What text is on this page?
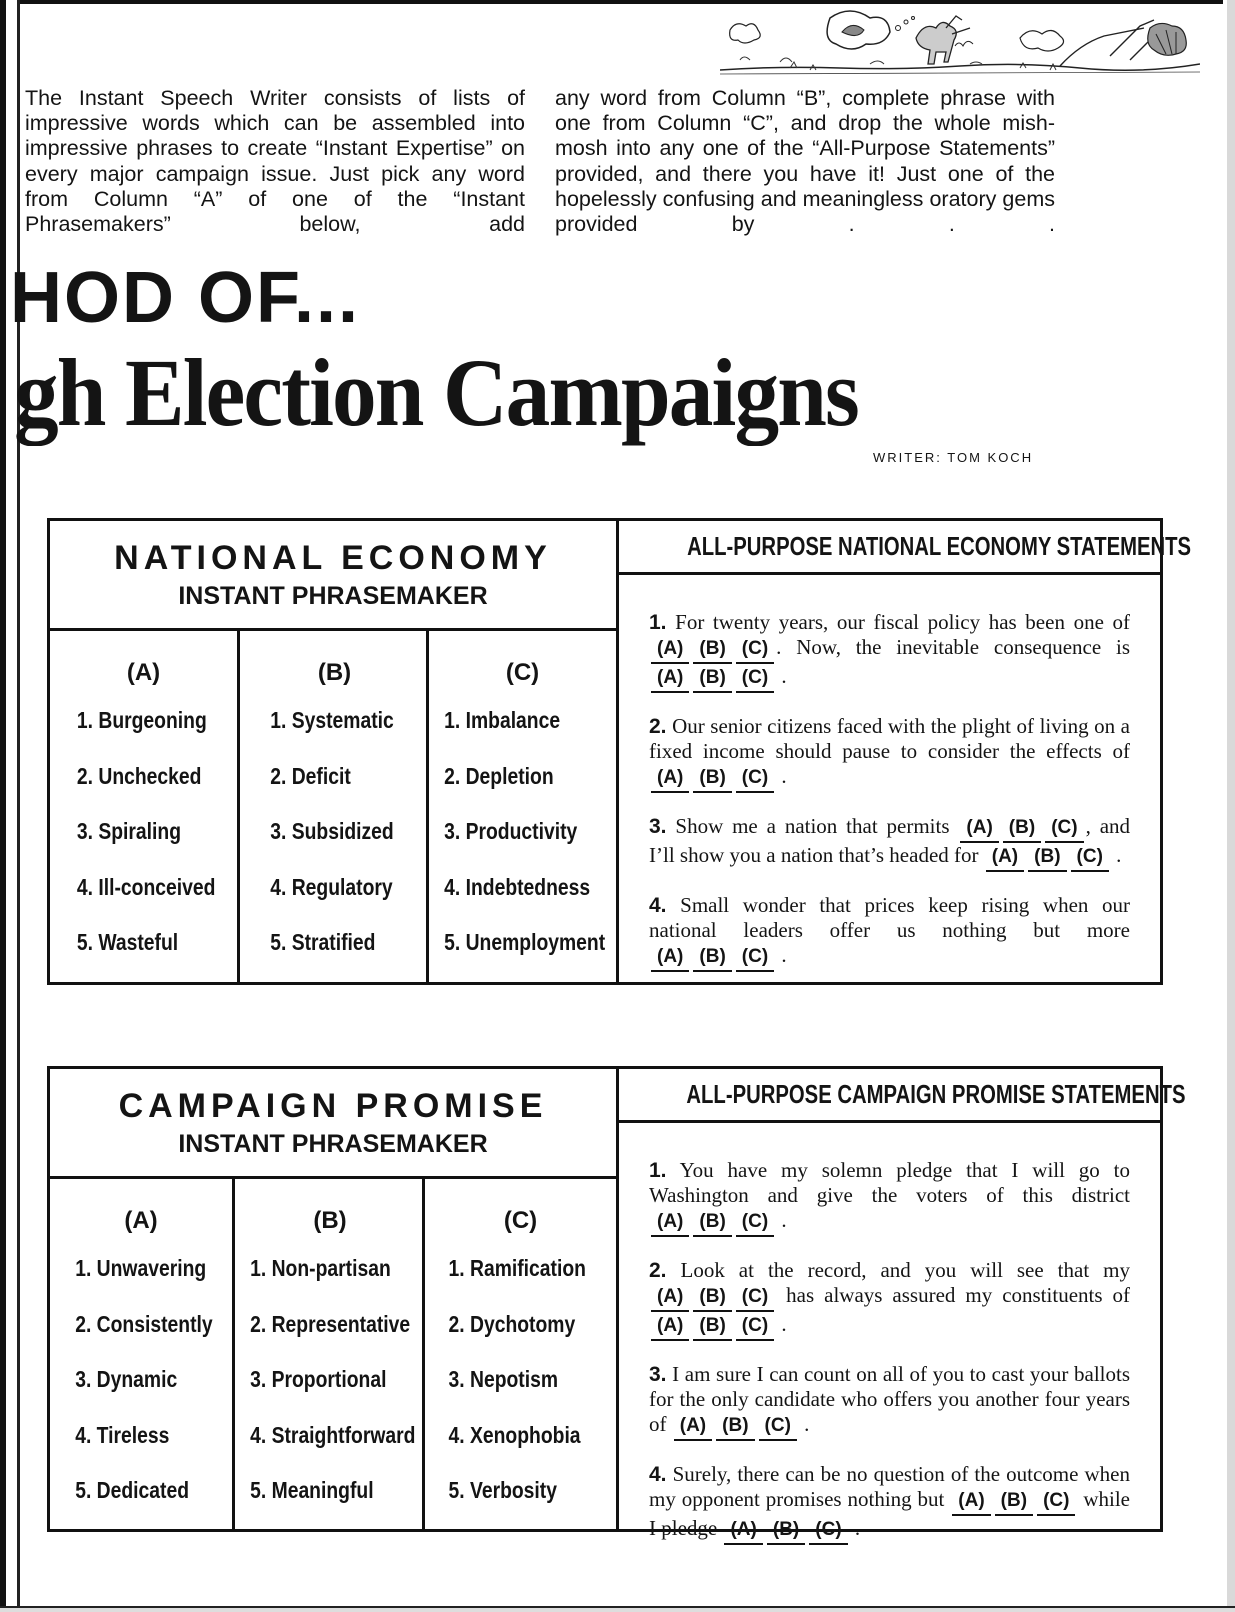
The Instant Speech Writer consists of lists of impressive words which can be assembled into impressive phrases to create “Instant Expertise” on every major campaign issue. Just pick any word from Column “A” of one of the “Instant Phrasemakers” below, add

any word from Column “B”, complete phrase with one from Column “C”, and drop the whole mish-mosh into any one of the “All-Purpose Statements” provided, and there you have it! Just one of the hopelessly confusing and meaningless oratory gems provided by . . .

HOD OF...
gh Election Campaigns
WRITER: TOM KOCH
NATIONAL ECONOMY
INSTANT PHRASEMAKER
(A)
1. Burgeoning
2. Unchecked
3. Spiraling
4. Ill-conceived
5. Wasteful
(B)
1. Systematic
2. Deficit
3. Subsidized
4. Regulatory
5. Stratified
(C)
1. Imbalance
2. Depletion
3. Productivity
4. Indebtedness
5. Unemployment
ALL-PURPOSE NATIONAL ECONOMY STATEMENTS

1. For twenty years, our fiscal policy has been one of (A) (B) (C) . Now, the inevitable consequence is (A) (B) (C) .

2. Our senior citizens faced with the plight of living on a fixed income should pause to consider the effects of (A) (B) (C) .

3. Show me a nation that permits (A) (B) (C) , and I’ll show you a nation that’s headed for (A) (B) (C) .

4. Small wonder that prices keep rising when our national leaders offer us nothing but more (A) (B) (C) .

CAMPAIGN PROMISE
INSTANT PHRASEMAKER
(A)
1. Unwavering
2. Consistently
3. Dynamic
4. Tireless
5. Dedicated
(B)
1. Non-partisan
2. Representative
3. Proportional
4. Straightforward
5. Meaningful
(C)
1. Ramification
2. Dychotomy
3. Nepotism
4. Xenophobia
5. Verbosity
ALL-PURPOSE CAMPAIGN PROMISE STATEMENTS

1. You have my solemn pledge that I will go to Washington and give the voters of this district (A) (B) (C) .

2. Look at the record, and you will see that my (A) (B) (C) has always assured my constituents of (A) (B) (C) .

3. I am sure I can count on all of you to cast your ballots for the only candidate who offers you another four years of (A) (B) (C) .

4. Surely, there can be no question of the outcome when my opponent promises nothing but (A) (B) (C) while I pledge (A) (B) (C) .
